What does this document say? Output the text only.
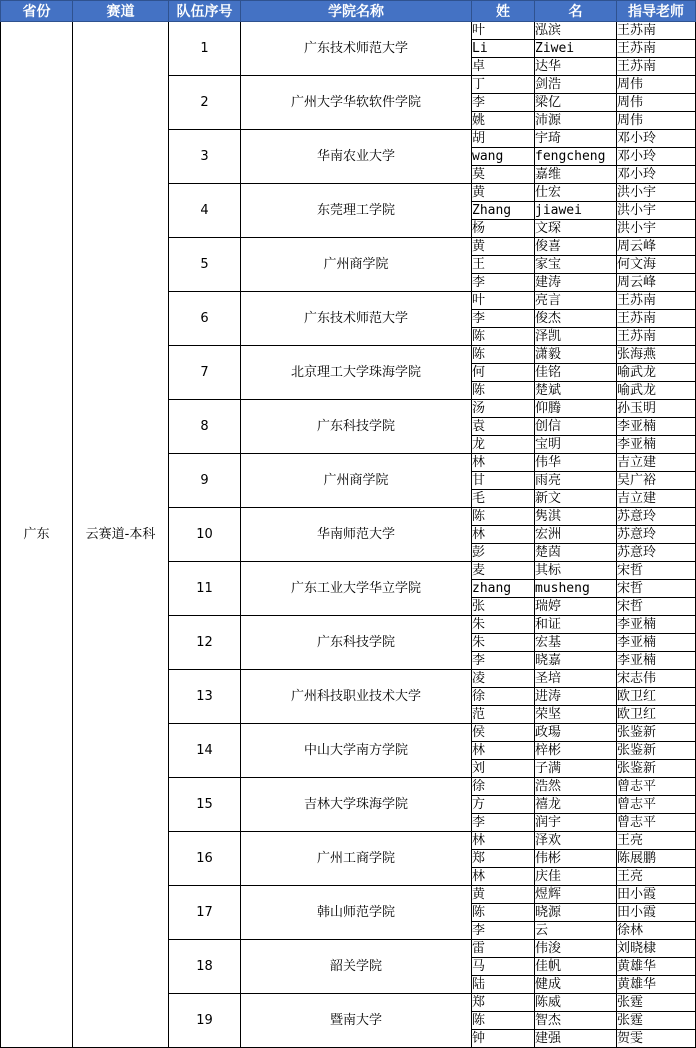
省份	赛道	队伍序号	学院名称	姓	名	指导老师
广东	云赛道-本科	1	广东技术师范大学	叶	泓滨	王苏南
				Li	Ziwei	王苏南
				卓	达华	王苏南
		2	广州大学华软软件学院	丁	剑浩	周伟
				李	梁亿	周伟
				姚	沛源	周伟
		3	华南农业大学	胡	宇琦	邓小玲
				wang	fengcheng	邓小玲
				莫	嘉维	邓小玲
		4	东莞理工学院	黄	仕宏	洪小宇
				Zhang	jiawei	洪小宇
				杨	文琛	洪小宇
		5	广州商学院	黄	俊喜	周云峰
				王	家宝	何文海
				李	建涛	周云峰
		6	广东技术师范大学	叶	亮言	王苏南
				李	俊杰	王苏南
				陈	泽凯	王苏南
		7	北京理工大学珠海学院	陈	潇毅	张海燕
				何	佳铭	喻武龙
				陈	楚斌	喻武龙
		8	广东科技学院	汤	仰腾	孙玉明
				袁	创信	李亚楠
				龙	宝明	李亚楠
		9	广州商学院	林	伟华	吉立建
				甘	雨亮	吴广裕
				毛	新文	吉立建
		10	华南师范大学	陈	隽淇	苏意玲
				林	宏洲	苏意玲
				彭	楚茵	苏意玲
		11	广东工业大学华立学院	麦	其标	宋哲
				zhang	musheng	宋哲
				张	瑞婷	宋哲
		12	广东科技学院	朱	和证	李亚楠
				朱	宏基	李亚楠
				李	晓嘉	李亚楠
		13	广州科技职业技术大学	凌	圣培	宋志伟
				徐	进涛	欧卫红
				范	荣坚	欧卫红
		14	中山大学南方学院	侯	政瑒	张鉴新
				林	梓彬	张鉴新
				刘	子满	张鉴新
		15	吉林大学珠海学院	徐	浩然	曾志平
				方	禧龙	曾志平
				李	润宇	曾志平
		16	广州工商学院	林	泽欢	王亮
				郑	伟彬	陈展鹏
				林	庆佳	王亮
		17	韩山师范学院	黄	煜辉	田小霞
				陈	晓源	田小霞
				李	云	徐林
		18	韶关学院	雷	伟浚	刘晓棣
				马	佳帆	黄雄华
				陆	健成	黄雄华
		19	暨南大学	郑	陈威	张霆
				陈	智杰	张霆
				钟	建强	贺雯
